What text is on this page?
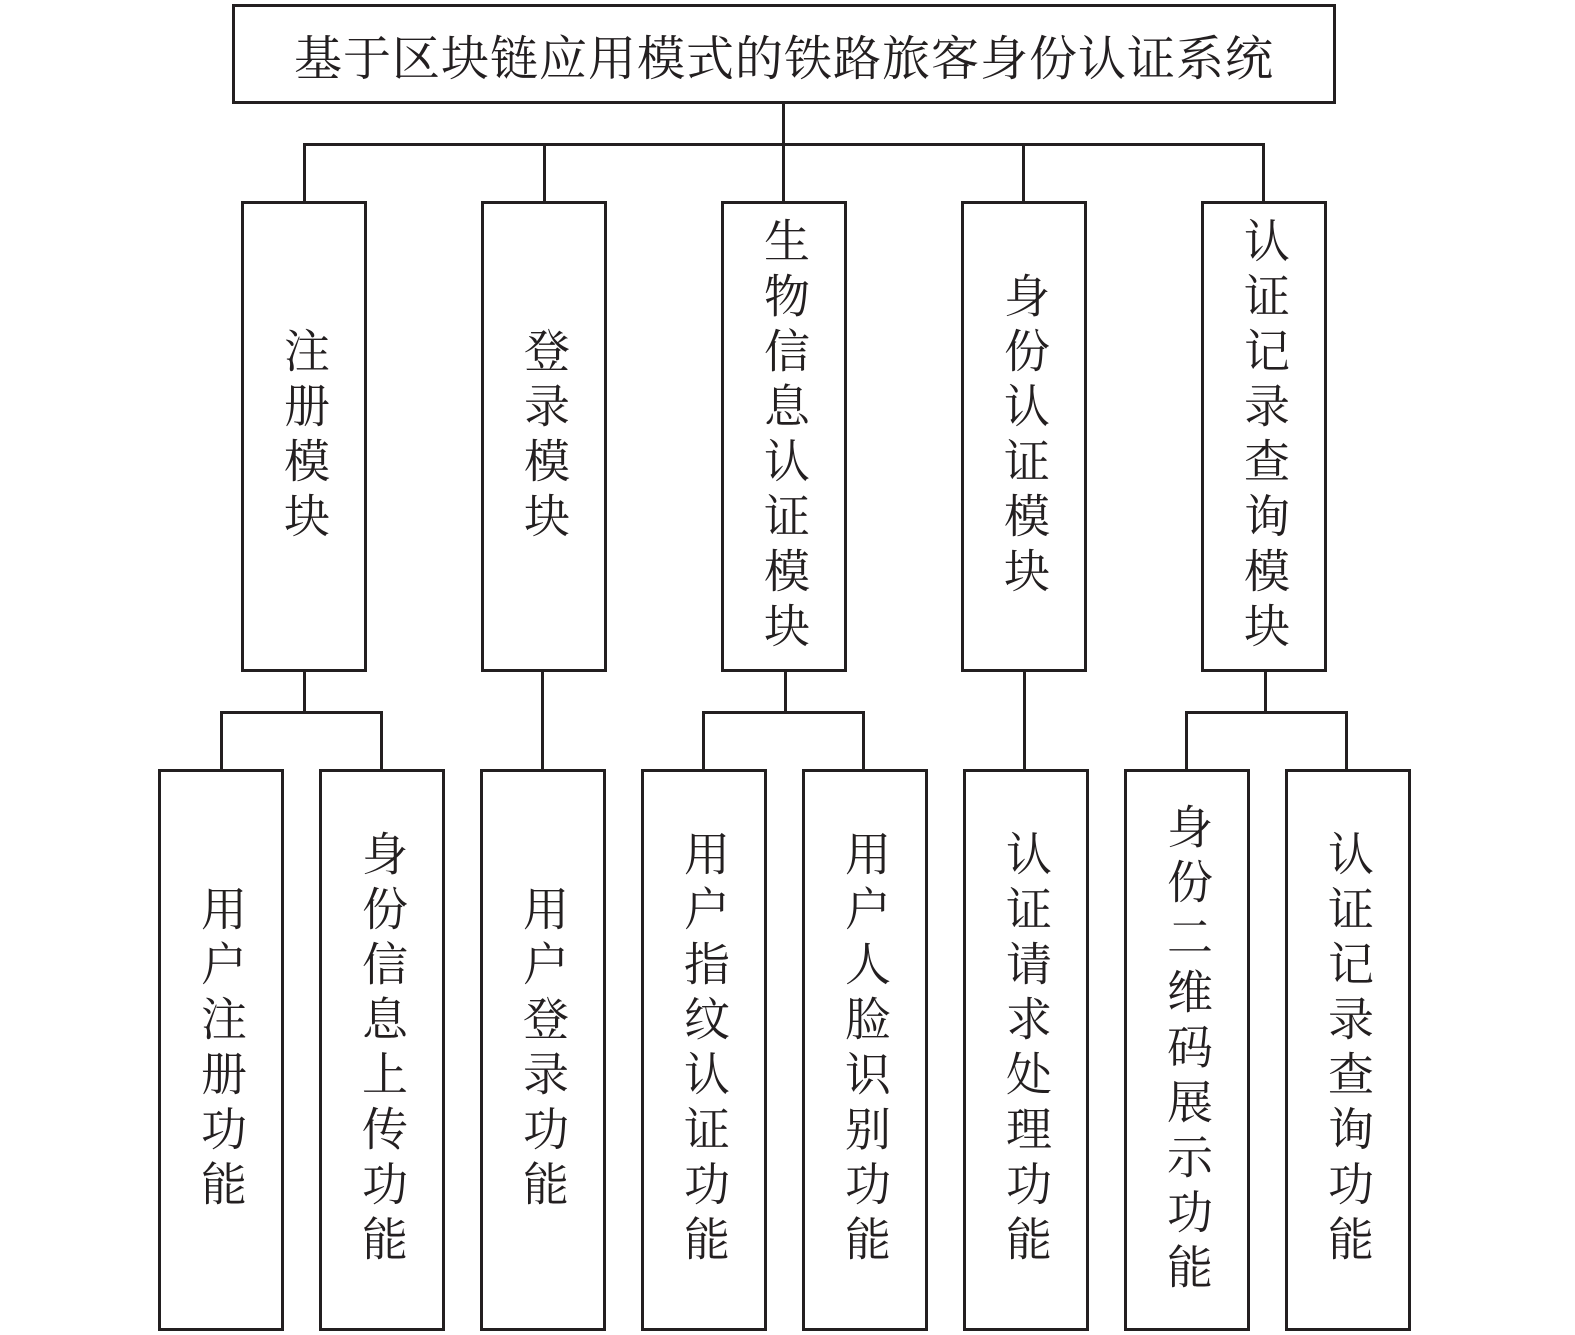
基于区块链应用模式的铁路旅客身份认证系统
注册模块	登录模块	生物信息认证模块	身份认证模块	认证记录查询模块
用户注册功能 身份信息上传功能 用户登录功能 用户指纹认证功能 用户人脸识别功能 认证请求处理功能 身份二维码展示功能 认证记录查询功能
